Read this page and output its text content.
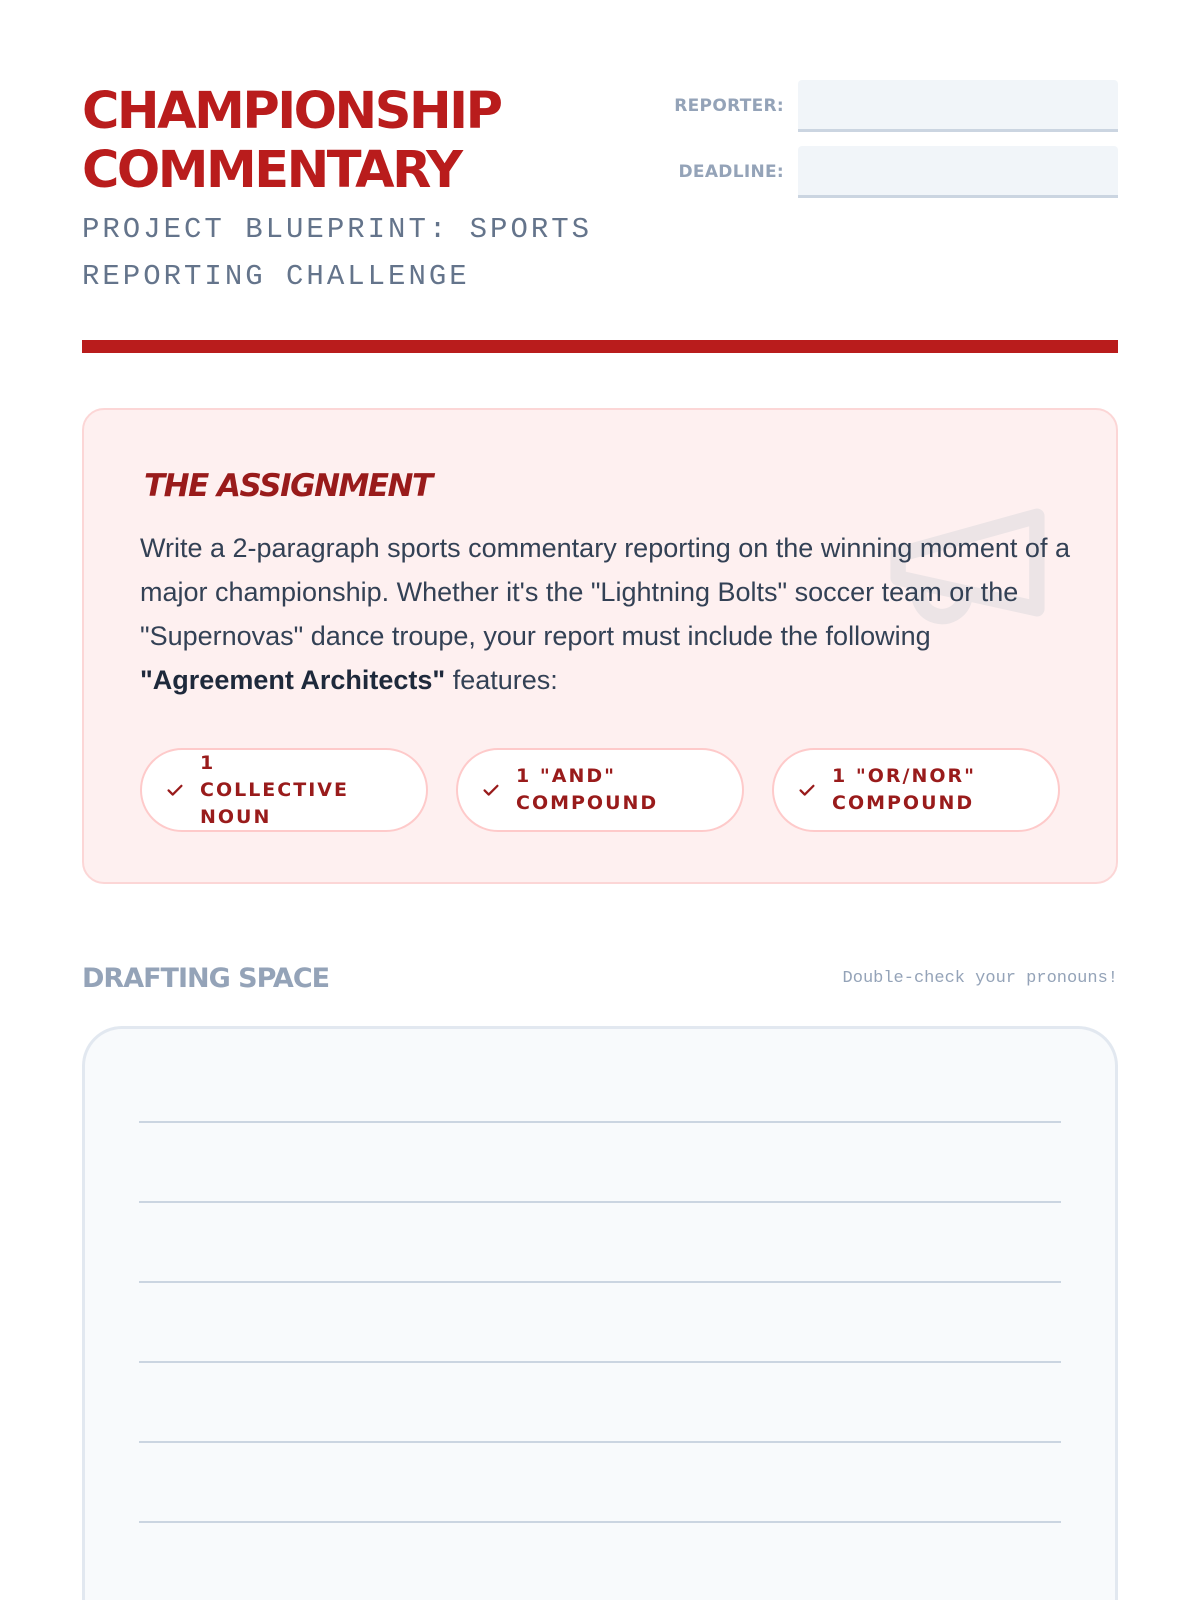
CHAMPIONSHIP
COMMENTARY
PROJECT BLUEPRINT: SPORTS REPORTING CHALLENGE
REPORTER:
DEADLINE:
THE ASSIGNMENT

Write a 2-paragraph sports commentary reporting on the winning moment of a major championship. Whether it's the "Lightning Bolts" soccer team or the "Supernovas" dance troupe, your report must include the following "Agreement Architects" features:

1 COLLECTIVE NOUN
1 "AND" COMPOUND
1 "OR/NOR" COMPOUND
DRAFTING SPACE	Double-check your pronouns!
